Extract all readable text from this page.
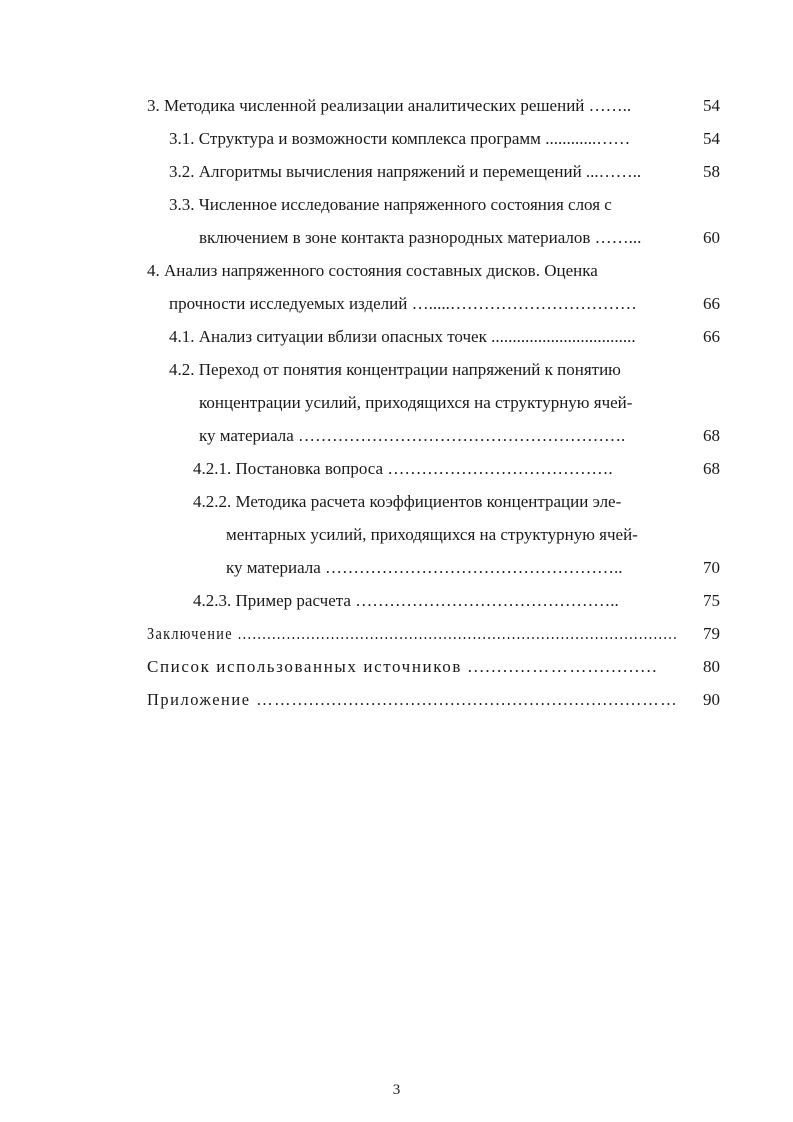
3. Методика численной реализации аналитических решений ……..	54
3.1. Структура и возможности комплекса программ ............……	54
3.2. Алгоритмы вычисления напряжений и перемещений ...……..	58
3.3. Численное исследование напряженного состояния слоя с
включением в зоне контакта разнородных материалов ……...	60
4. Анализ напряженного состояния составных дисков. Оценка
прочности исследуемых изделий ….....……………………………	66
4.1. Анализ ситуации вблизи опасных точек ..................................	66
4.2. Переход от понятия концентрации напряжений к понятию
концентрации усилий, приходящихся на структурную ячей-
ку материала ………………………………………………….	68
4.2.1. Постановка вопроса ………………………………….	68
4.2.2. Методика расчета коэффициентов концентрации эле-
ментарных усилий, приходящихся на структурную ячей-
ку материала ……………………………………………..	70
4.2.3. Пример расчета ………………………………………..	75
Заключение ..........................................................................................	79
Список использованных источников ...........………............	80
Приложение ……..............................................................……	90
3
